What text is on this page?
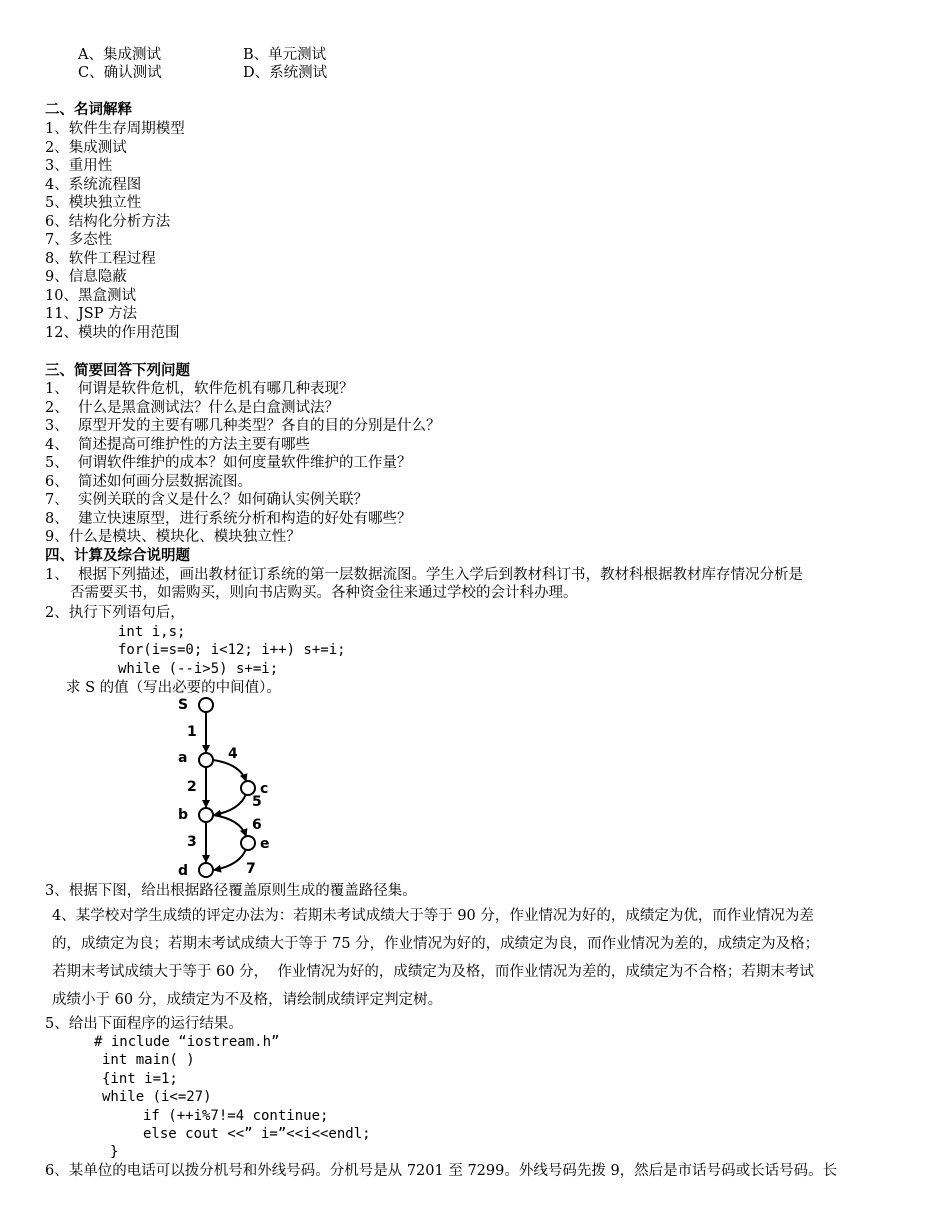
A、集成测试	B、单元测试
C、确认测试	D、系统测试
二、名词解释
1、软件生存周期模型
2、集成测试
3、重用性
4、系统流程图
5、模块独立性
6、结构化分析方法
7、多态性
8、软件工程过程
9、信息隐蔽
10、黑盒测试
11、JSP 方法
12、模块的作用范围
三、简要回答下列问题
1、  何谓是软件危机，软件危机有哪几种表现？
2、  什么是黑盒测试法？什么是白盒测试法？
3、  原型开发的主要有哪几种类型？各自的目的分别是什么？
4、  简述提高可维护性的方法主要有哪些
5、  何谓软件维护的成本？如何度量软件维护的工作量？
6、  简述如何画分层数据流图。
7、  实例关联的含义是什么？如何确认实例关联？
8、  建立快速原型，进行系统分析和构造的好处有哪些？
9、什么是模块、模块化、模块独立性？
四、计算及综合说明题
1、  根据下列描述，画出教材征订系统的第一层数据流图。学生入学后到教材科订书，教材科根据教材库存情况分析是
否需要买书，如需购买，则向书店购买。各种资金往来通过学校的会计科办理。
2、执行下列语句后，
int i,s;
for(i=s=0; i<12; i++) s+=i;
while (--i>5) s+=i;
求 S 的值（写出必要的中间值）。
S
a
c
b
e
d
1
2
3
4
5
6
7
3、根据下图，给出根据路径覆盖原则生成的覆盖路径集。
4、某学校对学生成绩的评定办法为：若期未考试成绩大于等于 90 分，作业情况为好的，成绩定为优，而作业情况为差
的，成绩定为良；若期末考试成绩大于等于 75 分，作业情况为好的，成绩定为良，而作业情况为差的，成绩定为及格；
若期末考试成绩大于等于 60 分，  作业情况为好的，成绩定为及格，而作业情况为差的，成绩定为不合格；若期末考试
成绩小于 60 分，成绩定为不及格，请绘制成绩评定判定树。
5、给出下面程序的运行结果。
# include “iostream.h”
int main( )
{int i=1;
while (i<=27)
if (++i%7!=4 continue;
else cout <<” i=”<<i<<endl;
}
6、某单位的电话可以拨分机号和外线号码。分机号是从 7201 至 7299。外线号码先拨 9，然后是市话号码或长话号码。长
